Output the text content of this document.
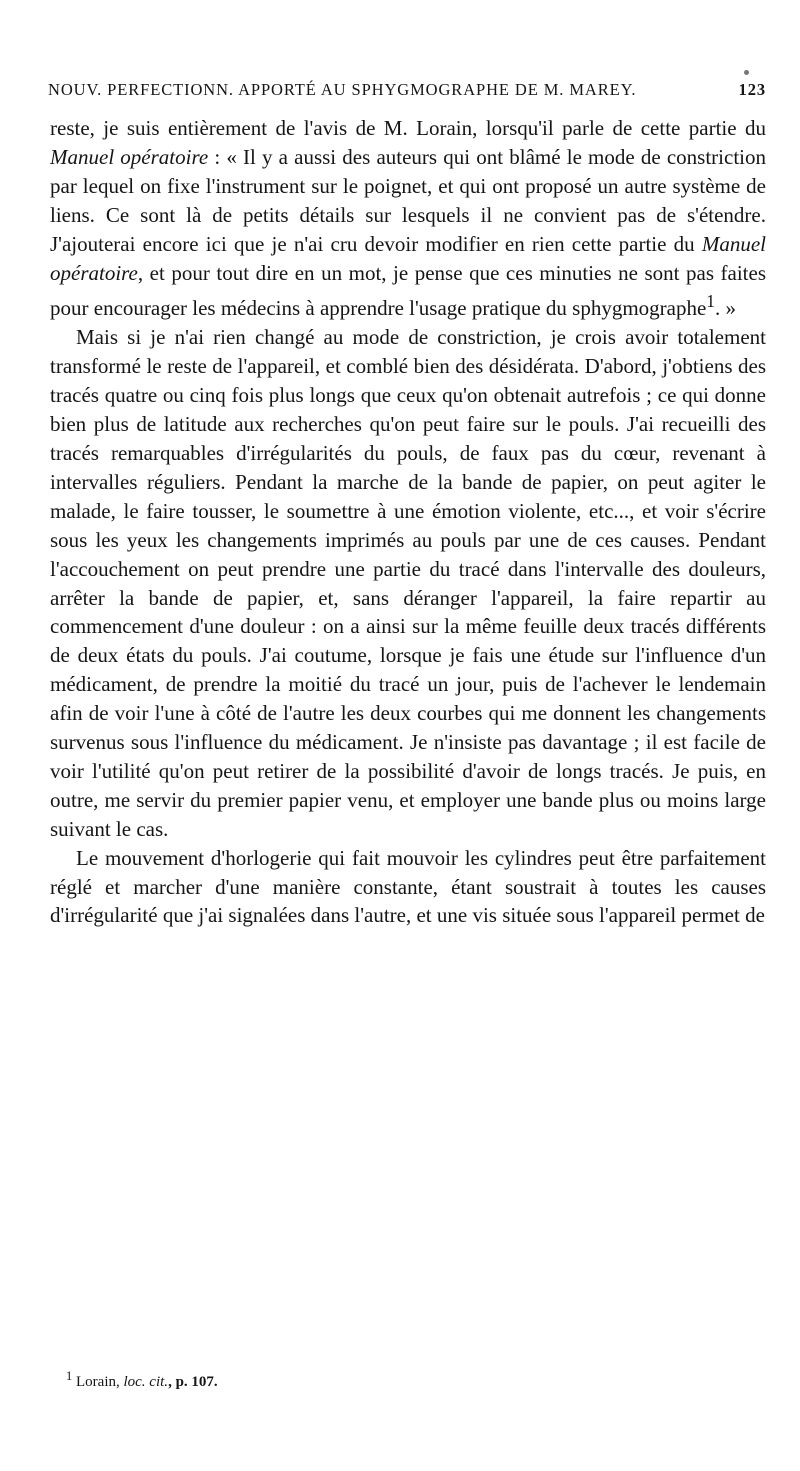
NOUV. PERFECTIONN. APPORTÉ AU SPHYGMOGRAPHE DE M. MAREY.	123

reste, je suis entièrement de l'avis de M. Lorain, lorsqu'il parle de cette partie du Manuel opératoire : « Il y a aussi des auteurs qui ont blâmé le mode de constriction par lequel on fixe l'instrument sur le poignet, et qui ont proposé un autre système de liens. Ce sont là de petits détails sur lesquels il ne convient pas de s'étendre. J'ajouterai encore ici que je n'ai cru devoir modifier en rien cette partie du Manuel opératoire, et pour tout dire en un mot, je pense que ces minuties ne sont pas faites pour encourager les médecins à apprendre l'usage pratique du sphygmographe$^1$. »

Mais si je n'ai rien changé au mode de constriction, je crois avoir totalement transformé le reste de l'appareil, et comblé bien des désidérata. D'abord, j'obtiens des tracés quatre ou cinq fois plus longs que ceux qu'on obtenait autrefois ; ce qui donne bien plus de latitude aux recherches qu'on peut faire sur le pouls. J'ai recueilli des tracés remarquables d'irrégularités du pouls, de faux pas du cœur, revenant à intervalles réguliers. Pendant la marche de la bande de papier, on peut agiter le malade, le faire tousser, le soumettre à une émotion violente, etc..., et voir s'écrire sous les yeux les changements imprimés au pouls par une de ces causes. Pendant l'accouchement on peut prendre une partie du tracé dans l'intervalle des douleurs, arrêter la bande de papier, et, sans déranger l'appareil, la faire repartir au commencement d'une douleur : on a ainsi sur la même feuille deux tracés différents de deux états du pouls. J'ai coutume, lorsque je fais une étude sur l'influence d'un médicament, de prendre la moitié du tracé un jour, puis de l'achever le lendemain afin de voir l'une à côté de l'autre les deux courbes qui me donnent les changements survenus sous l'influence du médicament. Je n'insiste pas davantage ; il est facile de voir l'utilité qu'on peut retirer de la possibilité d'avoir de longs tracés. Je puis, en outre, me servir du premier papier venu, et employer une bande plus ou moins large suivant le cas.

Le mouvement d'horlogerie qui fait mouvoir les cylindres peut être parfaitement réglé et marcher d'une manière constante, étant soustrait à toutes les causes d'irrégularité que j'ai signalées dans l'autre, et une vis située sous l'appareil permet de

$^1$ Lorain, loc. cit., p. 107.
